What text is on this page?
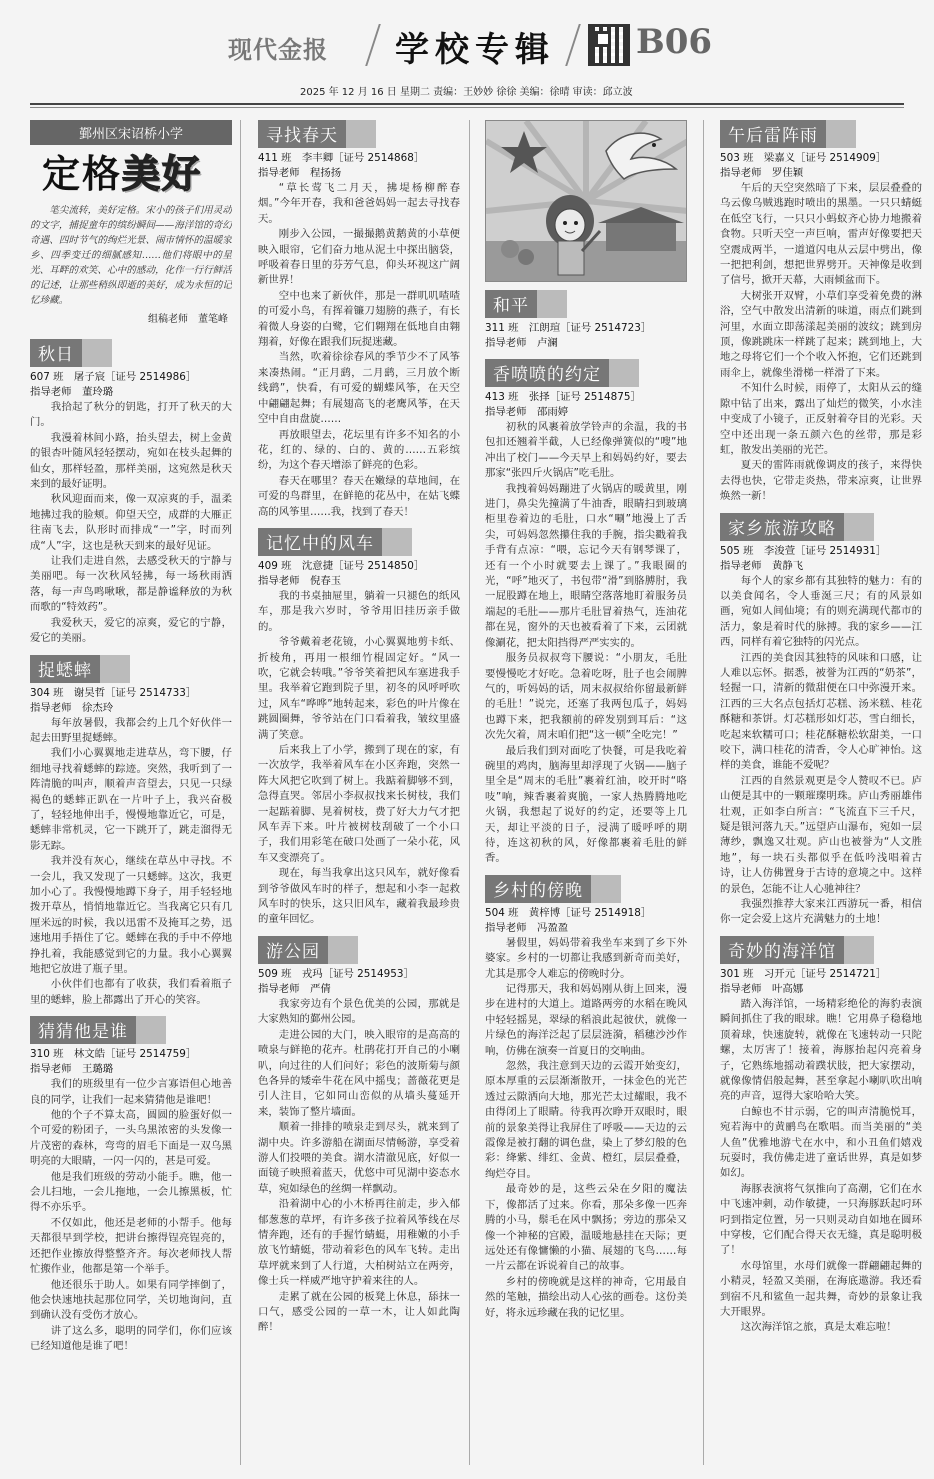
现代金报 学校专辑 B06
2025 年 12 月 16 日 星期二 责编：王妙妙 徐徐 美编：徐晴 审读：邱立波
鄞州区宋诏桥小学
定格美好

笔尖流转，美好定格。宋小的孩子们用灵动的文字，捕捉童年的缤纷瞬间——海洋馆的奇幻奇遇、四时节气的绚烂光景、闹市情怀的温暖家乡、四季变迁的细腻感知……他们将眼中的星光、耳畔的欢笑、心中的感动，化作一行行鲜活的记述，让那些稍纵即逝的美好，成为永恒的记忆珍藏。

组稿老师　董笔峰

秋日
607 班　屠子宸［证号 2514986］
指导老师　董玲璐

我拾起了秋分的钥匙，打开了秋天的大门。

我漫着林间小路，抬头望去，树上金黄的银杏叶随风轻轻摆动，宛如在枝头起舞的仙女，那样轻盈，那样美丽，这宛然是秋天来到的最好证明。

秋风迎面而来，像一双凉爽的手，温柔地拂过我的脸颊。仰望天空，成群的大雁正往南飞去，队形时而排成“一”字，时而列成“人”字，这也是秋天到来的最好见证。

让我们走进自然，去感受秋天的宁静与美丽吧。每一次秋风轻拂，每一场秋雨洒落，每一声鸟鸣啾啾，都是静谧释放的为秋而歌的“特效药”。

我爱秋天，爱它的凉爽，爱它的宁静，爱它的美丽。

捉蟋蟀
304 班　谢昊哲［证号 2514733］
指导老师　徐杰玲

每年放暑假，我都会约上几个好伙伴一起去田野里捉蟋蟀。

我们小心翼翼地走进草丛，弯下腰，仔细地寻找着蟋蟀的踪迹。突然，我听到了一阵清脆的叫声，顺着声音望去，只见一只绿褐色的蟋蟀正趴在一片叶子上，我兴奋极了，轻轻地伸出手，慢慢地靠近它，可是，蟋蟀非常机灵，它一下跳开了，跳走溜得无影无踪。

我并没有灰心，继续在草丛中寻找。不一会儿，我又发现了一只蟋蟀。这次，我更加小心了。我慢慢地蹲下身子，用手轻轻地拨开草丛，悄悄地靠近它。当我离它只有几厘米远的时候，我以迅雷不及掩耳之势，迅速地用手捂住了它。蟋蟀在我的手中不停地挣扎着，我能感觉到它的力量。我小心翼翼地把它放进了瓶子里。

小伙伴们也都有了收获，我们看着瓶子里的蟋蟀，脸上都露出了开心的笑容。

猜猜他是谁
310 班　林文皓［证号 2514759］
指导老师　王璐璐

我们的班级里有一位少言寡语但心地善良的同学，让我们一起来猜猜他是谁吧！

他的个子不算太高，圆圆的脸蛋好似一个可爱的粉团子，一头乌黑浓密的头发像一片茂密的森林，弯弯的眉毛下面是一双乌黑明亮的大眼睛，一闪一闪的，甚是可爱。

他是我们班级的劳动小能手。瞧，他一会儿扫地，一会儿拖地，一会儿擦黑板，忙得不亦乐乎。

不仅如此，他还是老师的小帮手。他每天都很早到学校，把讲台擦得锃亮锃亮的，还把作业擦放得整整齐齐。每次老师找人帮忙搬作业，他都是第一个举手。

他还很乐于助人。如果有同学摔倒了，他会快速地扶起那位同学，关切地询问，直到确认没有受伤才放心。

讲了这么多，聪明的同学们，你们应该已经知道他是谁了吧！

寻找春天
411 班　李丰卿［证号 2514868］
指导老师　程扬扬

“草长莺飞二月天，拂堤杨柳醉春烟。”今年开春，我和爸爸妈妈一起去寻找春天。

刚步入公园，一撮撮鹅黄鹅黄的小草便映入眼帘，它们奋力地从泥土中探出脑袋，呼吸着春日里的芬芳气息，仰头环视这广阔新世界！

空中也来了新伙伴，那是一群叽叽喳喳的可爱小鸟，有挥着镰刀翅膀的燕子，有长着微人身姿的白鹭，它们翱翔在低地自由翱翔着，好像在跟我们玩捉迷藏。

当然，吹着徐徐春风的季节少不了风筝来凑热闹。“正月鹞，二月鹞，三月放个断线鹞”，快看，有可爱的蝴蝶风筝，在天空中翩翩起舞；有展翅高飞的老鹰风筝，在天空中自由盘旋……

再放眼望去，花坛里有许多不知名的小花，红的、绿的、白的、黄的……五彩缤纷，为这个春天增添了鲜亮的色彩。

春天在哪里？春天在嫩绿的草地间，在可爱的鸟群里，在鲜艳的花丛中，在姑飞蝶高的风筝里……我，找到了春天！

记忆中的风车
409 班　沈意捷［证号 2514850］
指导老师　倪春玉

我的书桌抽屉里，躺着一只褪色的纸风车，那是我六岁时，爷爷用旧挂历亲手做的。

爷爷戴着老花镜，小心翼翼地剪卡纸、折棱角，再用一根细竹棍固定好。“风一吹，它就会转哦。”爷爷笑着把风车塞进我手里。我举着它跑到院子里，初冬的风呼呼吹过，风车“哗哗”地转起来，彩色的叶片像在跳圆圈舞，爷爷站在门口看着我，皱纹里盛满了笑意。

后来我上了小学，搬到了现在的家，有一次放学，我举着风车在小区奔跑，突然一阵大风把它吹到了树上。我踮着脚够不到，急得直哭。邻居小李叔叔找来长树枝，我们一起踮着脚、晃着树枝，费了好大力气才把风车弄下来。叶片被树枝刮破了一个小口子，我们用彩笔在破口处画了一朵小花，风车又变漂亮了。

现在，每当我拿出这只风车，就好像看到爷爷做风车时的样子，想起和小李一起救风车时的快乐，这只旧风车，藏着我最珍贵的童年回忆。

游公园
509 班　戎玛［证号 2514953］
指导老师　严倩

我家旁边有个景色优美的公园，那就是大家熟知的鄞州公园。

走进公园的大门，映入眼帘的是高高的喷泉与鲜艳的花卉。杜鹃花打开自己的小喇叭，向过往的人们问好；彩色的波斯菊与颜色各异的矮牵牛花在风中摇曳；蔷薇花更是引人注目，它如同山峦似的从墙头蔓延开来，装饰了整片墙面。

顺着一排排的喷泉走到尽头，就来到了湖中央。许多游船在湖面尽情畅游，享受着游人们投喂的美食。湖水清澈见底，好似一面镜子映照着蓝天，优悠中可见湖中姿态水草，宛如绿色的丝绸一样飘动。

沿着湖中心的小木桥再往前走，步入郁郁葱葱的草坪，有许多孩子拉着风筝线在尽情奔跑，还有的手握竹蜻蜓，用稚嫩的小手放飞竹蜻蜓，带动着彩色的风车飞转。走出草坪就来到了人行道，大柏树站立在两旁，像士兵一样威严地守护着来往的人。

走累了就在公园的板凳上休息，舔抹一口气，感受公园的一草一木，让人如此陶醉！

和平
311 班　江朗瑄［证号 2514723］
指导老师　卢澜
香喷喷的约定
413 班　张择［证号 2514875］
指导老师　邵雨婷

初秋的风裹着放学铃声的余温，我的书包扣还翘着半截，人已经像弹簧似的“嗖”地冲出了校门——今天早上和妈妈约好，要去那家“张四斤火锅店”吃毛肚。

我拽着妈妈蹦进了火锅店的暖黄里，刚进门，鼻尖先撞满了牛油香，眼睛扫到玻璃柜里卷着边的毛肚，口水“唰”地漫上了舌尖，可妈妈忽然攥住我的手腕，指尖戳着我手背有点凉：“喂，忘记今天有钢琴课了，还有一个小时就要去上课了。”我眼圈的光，“呼”地灭了，书包带“滑”到胳膊肘，我一屁股蹲在地上，眼睛空落落地盯着服务员端起的毛肚——那片毛肚冒着热气，连油花都在晃，窗外的天也被看着了下来，云团就像涮花，把太阳挡得严严实实的。

服务员叔叔弯下腰说：“小朋友，毛肚要慢慢吃才好吃。急着吃呀，肚子也会闹脾气的，听妈妈的话，周末叔叔给你留最新鲜的毛肚！”说完，还塞了我两包瓜子，妈妈也蹲下来，把我额前的碎发别到耳后：“这次先欠着，周末咱们把“这一顿”全吃完！”

最后我们到对面吃了快餐，可是我吃着碗里的鸡肉，脑海里却浮现了火锅——脑子里全是“周末的毛肚”裹着红油，咬开时“咯吱”响，辣香裹着爽脆，一家人热腾腾地吃火锅，我想起了说好的约定，还要等上几天，却让平淡的日子，浸满了暖呼呼的期待，连这初秋的风，好像都裹着毛肚的鲜香。

乡村的傍晚
504 班　黄梓博［证号 2514918］
指导老师　冯盈盈

暑假里，妈妈带着我坐车来到了乡下外婆家。乡村的一切都让我感到新奇而美好，尤其是那令人难忘的傍晚时分。

记得那天，我和妈妈刚从街上回来，漫步在进村的大道上。道路两旁的水稻在晚风中轻轻摇晃，翠绿的稻浪此起彼伏，就像一片绿色的海洋泛起了层层涟漪，稻穗沙沙作响，仿佛在演奏一首夏日的交响曲。

忽然，我注意到天边的云霞开始变幻，原本厚重的云层渐渐散开，一抹金色的光芒透过云隙洒向大地，那光芒太过耀眼，我不由得闭上了眼睛。待我再次睁开双眼时，眼前的景象美得让我屏住了呼吸——天边的云霞像是被打翻的调色盘，染上了梦幻般的色彩：绛紫、绯红、金黄、橙红，层层叠叠，绚烂夺目。

最奇妙的是，这些云朵在夕阳的魔法下，像都活了过来。你看，那朵多像一匹奔腾的小马，鬃毛在风中飘扬；旁边的那朵又像一个神秘的宫殿，温暖地悬挂在天际；更远处还有像慵懒的小猫、展翅的飞鸟……每一片云都在诉说着自己的故事。

乡村的傍晚就是这样的神奇，它用最自然的笔触，描绘出动人心弦的画卷。这份美好，将永远珍藏在我的记忆里。

午后雷阵雨
503 班　梁嘉义［证号 2514909］
指导老师　罗佳颖

午后的天空突然暗了下来，层层叠叠的乌云像乌贼逃跑时喷出的黑墨。一只只蜻蜓在低空飞行，一只只小蚂蚁齐心协力地搬着食物。只听天空一声巨响，雷声好像要把天空震成两半，一道道闪电从云层中劈出，像一把把利剑，想把世界劈开。天神像是收到了信号，掀开天幕，大雨倾盆而下。

大树张开双臂，小草们享受着免费的淋浴，空气中散发出清新的味道，雨点们跳到河里，水面立即荡漾起美丽的波纹；跳到房顶，像跳跳床一样跳了起来；跳到地上，大地之母将它们一个个收入怀抱，它们还跳到雨伞上，就像坐滑梯一样滑了下来。

不知什么时候，雨停了，太阳从云的缝隙中钻了出来，露出了灿烂的微笑，小水洼中变成了小镜子，正反射着夺目的光彩。天空中还出现一条五颜六色的丝带，那是彩虹，散发出美丽的光芒。

夏天的雷阵雨就像调皮的孩子，来得快去得也快，它带走炎热，带来凉爽，让世界焕然一新！

家乡旅游攻略
505 班　李浚萱［证号 2514931］
指导老师　黄静飞

每个人的家乡都有其独特的魅力：有的以美食闻名，令人垂涎三尺；有的风景如画，宛如人间仙境；有的则充满现代都市的活力，象是着时代的脉搏。我的家乡——江西，同样有着它独特的闪光点。

江西的美食因其独特的风味和口感，让人难以忘怀。据悉，被誉为江西的“奶茶”，轻握一口，清新的微甜便在口中弥漫开来。江西的三大名点包括灯芯糕、汤米糕、桂花酥糖和茶饼。灯芯糕形如灯芯，雪白细长，吃起来软糯可口；桂花酥糖松软甜美，一口咬下，满口桂花的清香，令人心旷神怡。这样的美食，谁能不爱呢？

江西的自然景观更是令人赞叹不已。庐山便是其中的一颗璀璨明珠。庐山秀丽雄伟壮观，正如李白所言：“飞流直下三千尺，疑是银河落九天。”远望庐山瀑布，宛如一层薄纱，飘逸又壮观。庐山也被誉为“人文胜地”，每一块石头都似乎在低吟浅唱着古诗，让人仿佛置身于古诗的意境之中。这样的景色，怎能不让人心驰神往？

我强烈推荐大家来江西游玩一番，相信你一定会爱上这片充满魅力的土地！

奇妙的海洋馆
301 班　习开元［证号 2514721］
指导老师　叶高娜

踏入海洋馆，一场精彩绝伦的海豹表演瞬间抓住了我的眼球。瞧！它用鼻子稳稳地顶着球，快速旋转，就像在飞速转动一只陀螺，太厉害了！接着，海豚抬起闪亮着身子，它熟练地摇动着蹼状肢，把大家摆动，就像像情侣般起舞，甚至拿起小喇叭吹出响亮的声音，逗得大家哈哈大笑。

白鲸也不甘示弱，它的叫声清脆悦耳，宛若海中的黄鹂鸟在歌唱。而当美丽的“美人鱼”优雅地游弋在水中，和小丑鱼们嬉戏玩耍时，我仿佛走进了童话世界，真是如梦如幻。

海豚表演将气氛推向了高潮，它们在水中飞速冲刺，动作敏捷，一只海豚跃起叼环叼到指定位置，另一只则灵动自如地在圆环中穿梭，它们配合得天衣无缝，真是聪明极了！

水母馆里，水母们就像一群翩翩起舞的小精灵，轻盈又美丽，在海底遨游。我还看到宿不凡和鲨鱼一起共舞，奇妙的景象让我大开眼界。

这次海洋馆之旅，真是太难忘啦！
